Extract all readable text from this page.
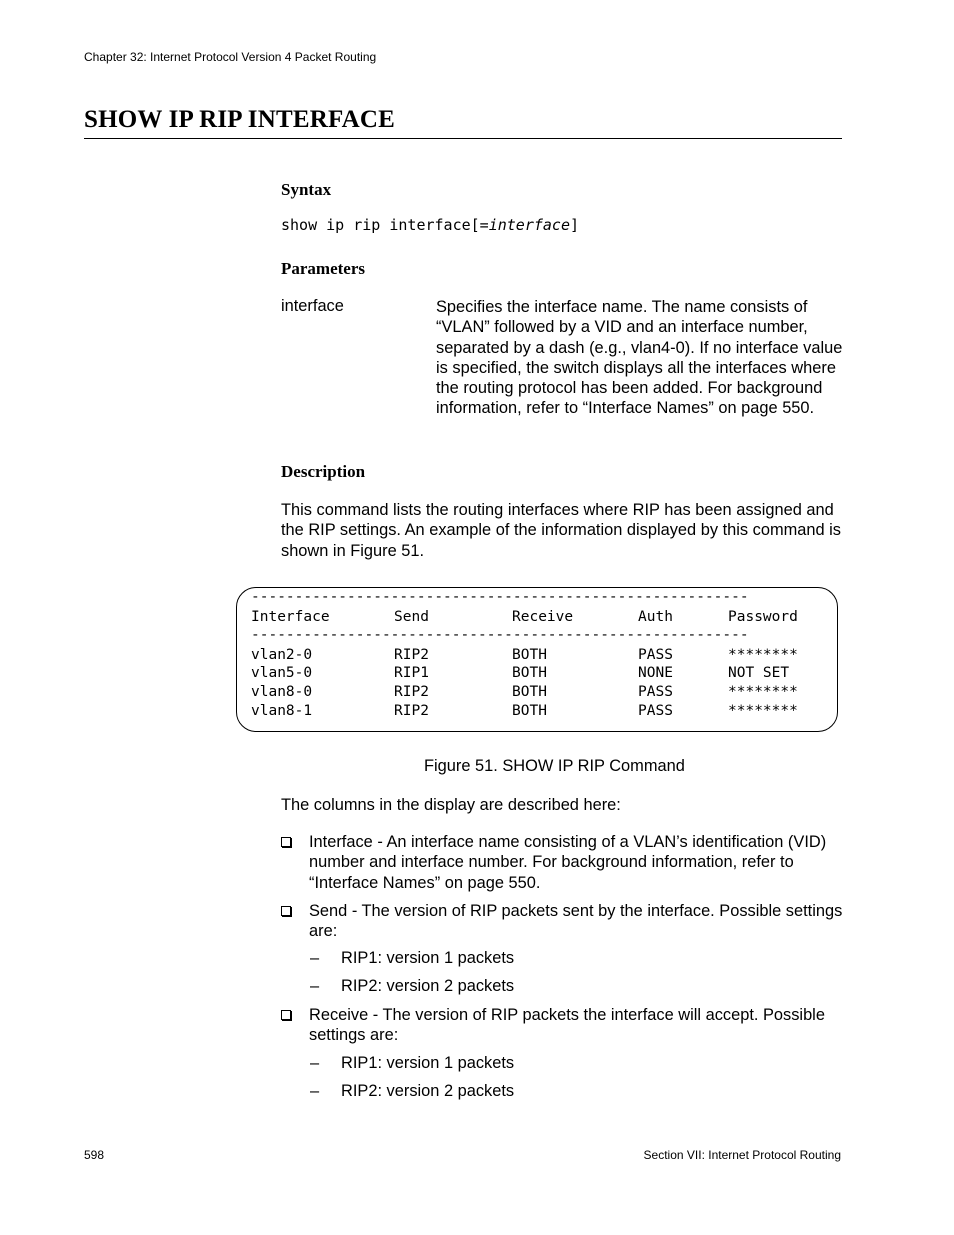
Chapter 32: Internet Protocol Version 4 Packet Routing
SHOW IP RIP INTERFACE
Syntax
show ip rip interface[=interface]
Parameters
interface	Specifies the interface name. The name consists of “VLAN” followed by a VID and an interface number, separated by a dash (e.g., vlan4-0). If no interface value is specified, the switch displays all the interfaces where the routing protocol has been added. For background information, refer to “Interface Names” on page 550.

Description

This command lists the routing interfaces where RIP has been assigned and the RIP settings. An example of the information displayed by this command is shown in Figure 51.

---------------------------------------------------------
Interface	Send	Receive	Auth	Password
---------------------------------------------------------
vlan2-0	RIP2	BOTH	PASS	********
vlan5-0	RIP1	BOTH	NONE	NOT SET
vlan8-0	RIP2	BOTH	PASS	********
vlan8-1	RIP2	BOTH	PASS	********
Figure 51. SHOW IP RIP Command

The columns in the display are described here:

Interface - An interface name consisting of a VLAN’s identification (VID) number and interface number. For background information, refer to “Interface Names” on page 550.

Send - The version of RIP packets sent by the interface. Possible settings are:

– RIP1: version 1 packets
– RIP2: version 2 packets

Receive - The version of RIP packets the interface will accept. Possible settings are:

– RIP1: version 1 packets
– RIP2: version 2 packets
598	Section VII: Internet Protocol Routing
